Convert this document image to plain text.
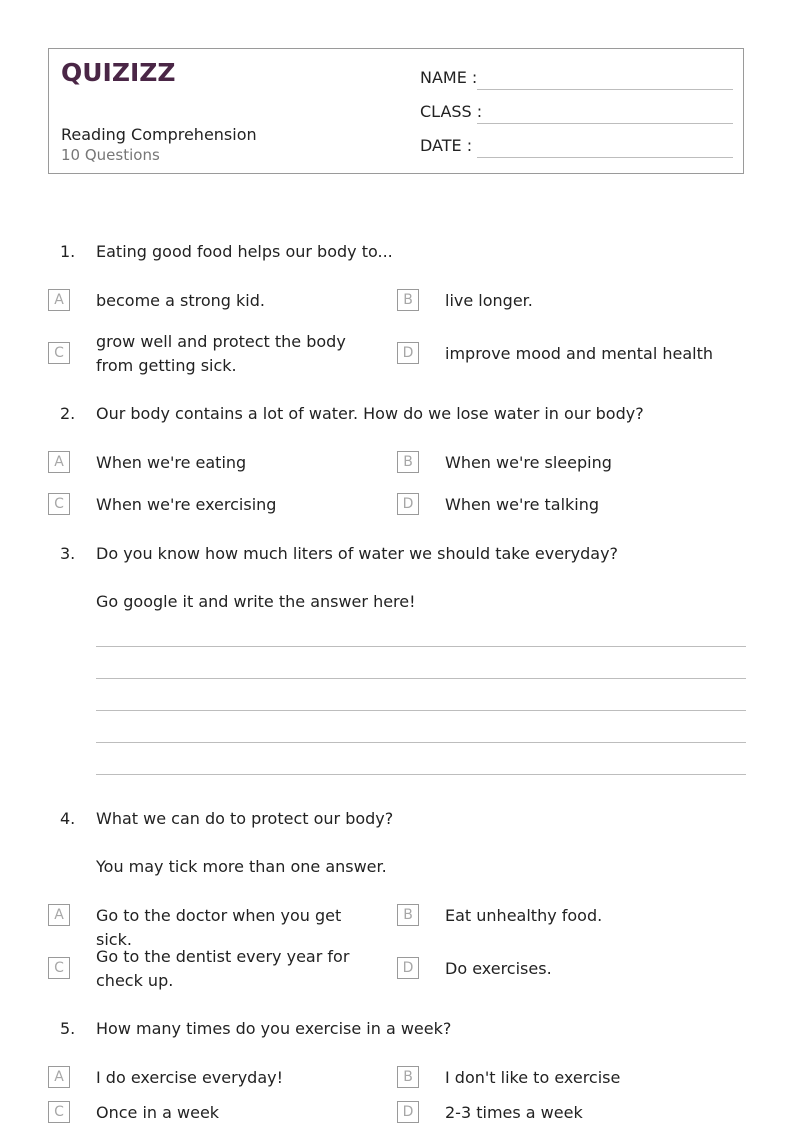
QUIZIZZ
Reading Comprehension
10 Questions
NAME :
CLASS :
DATE :
1. Eating good food helps our body to...
A	become a strong kid.	B	live longer.
C
grow well and protect the body from getting sick.
D	improve mood and mental health
2. Our body contains a lot of water. How do we lose water in our body?
A	When we're eating	B	When we're sleeping
C	When we're exercising	D	When we're talking
3. Do you know how much liters of water we should take everyday?
Go google it and write the answer here!
4. What we can do to protect our body?
You may tick more than one answer.
A	Go to the doctor when you get sick.
B	Eat unhealthy food.
C
Go to the dentist every year for check up.
D	Do exercises.
5. How many times do you exercise in a week?
A	I do exercise everyday!	B	I don't like to exercise
C	Once in a week	D	2-3 times a week
